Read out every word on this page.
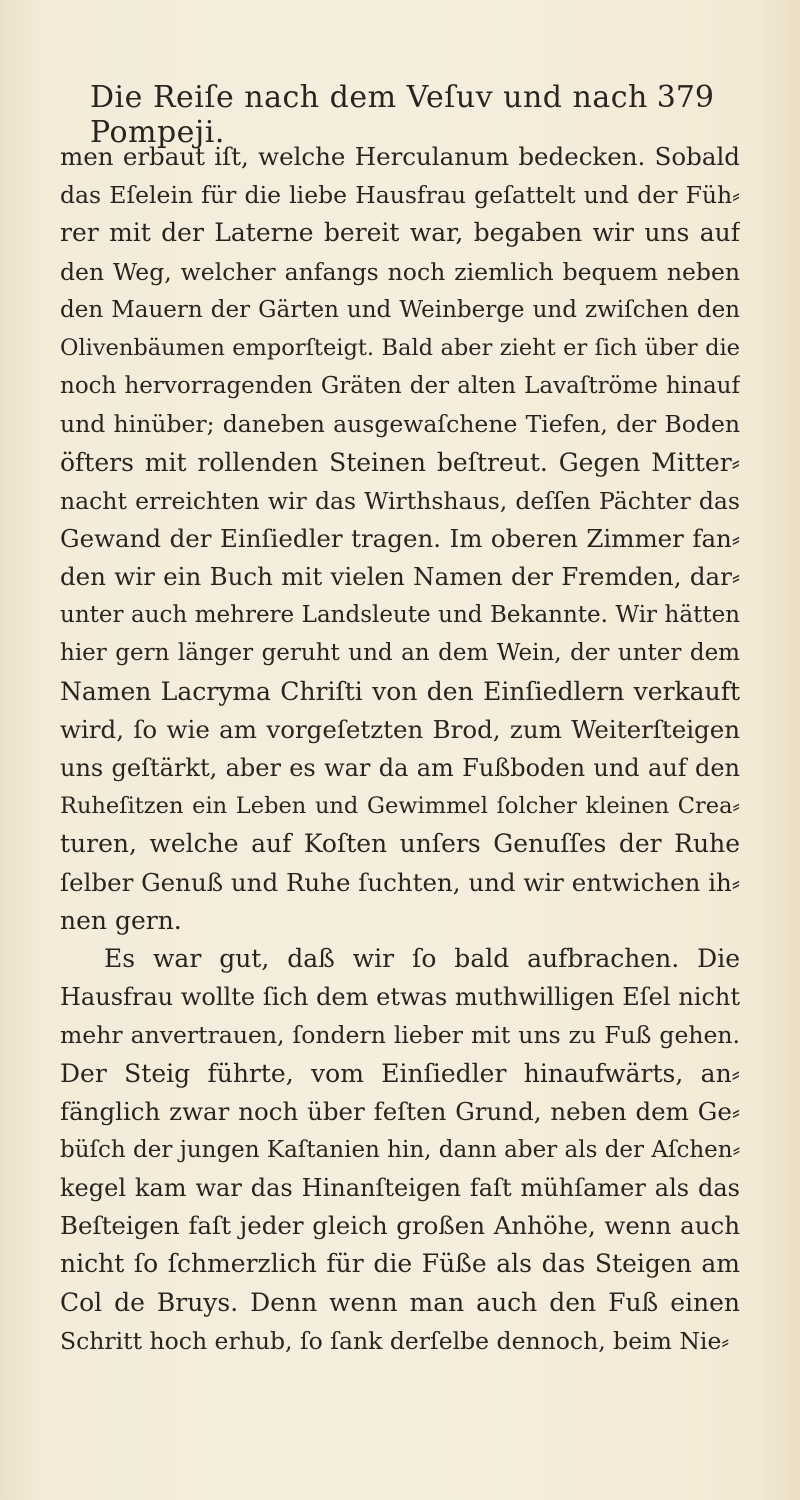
Die Reiſe nach dem Veſuv und nach Pompeji.
379
men erbaut iſt, welche Herculanum bedecken. Sobald
das Eſelein für die liebe Hausfrau geſattelt und der Füh⸗
rer mit der Laterne bereit war, begaben wir uns auf
den Weg, welcher anfangs noch ziemlich bequem neben
den Mauern der Gärten und Weinberge und zwiſchen den
Olivenbäumen emporſteigt. Bald aber zieht er ſich über die
noch hervorragenden Gräten der alten Lavaſtröme hinauf
und hinüber; daneben ausgewaſchene Tiefen, der Boden
öfters mit rollenden Steinen beſtreut. Gegen Mitter⸗
nacht erreichten wir das Wirthshaus, deſſen Pächter das
Gewand der Einſiedler tragen. Im oberen Zimmer fan⸗
den wir ein Buch mit vielen Namen der Fremden, dar⸗
unter auch mehrere Landsleute und Bekannte. Wir hätten
hier gern länger geruht und an dem Wein, der unter dem
Namen Lacryma Chriſti von den Einſiedlern verkauft
wird, ſo wie am vorgeſetzten Brod, zum Weiterſteigen
uns geſtärkt, aber es war da am Fußboden und auf den
Ruheſitzen ein Leben und Gewimmel ſolcher kleinen Crea⸗
turen, welche auf Koſten unſers Genuſſes der Ruhe
ſelber Genuß und Ruhe ſuchten, und wir entwichen ih⸗
nen gern.
Es war gut, daß wir ſo bald aufbrachen. Die
Hausfrau wollte ſich dem etwas muthwilligen Eſel nicht
mehr anvertrauen, ſondern lieber mit uns zu Fuß gehen.
Der Steig führte, vom Einſiedler hinaufwärts, an⸗
fänglich zwar noch über feſten Grund, neben dem Ge⸗
büſch der jungen Kaſtanien hin, dann aber als der Aſchen⸗
kegel kam war das Hinanſteigen faſt mühſamer als das
Beſteigen faſt jeder gleich großen Anhöhe, wenn auch
nicht ſo ſchmerzlich für die Füße als das Steigen am
Col de Bruys. Denn wenn man auch den Fuß einen
Schritt hoch erhub, ſo ſank derſelbe dennoch, beim Nie⸗
